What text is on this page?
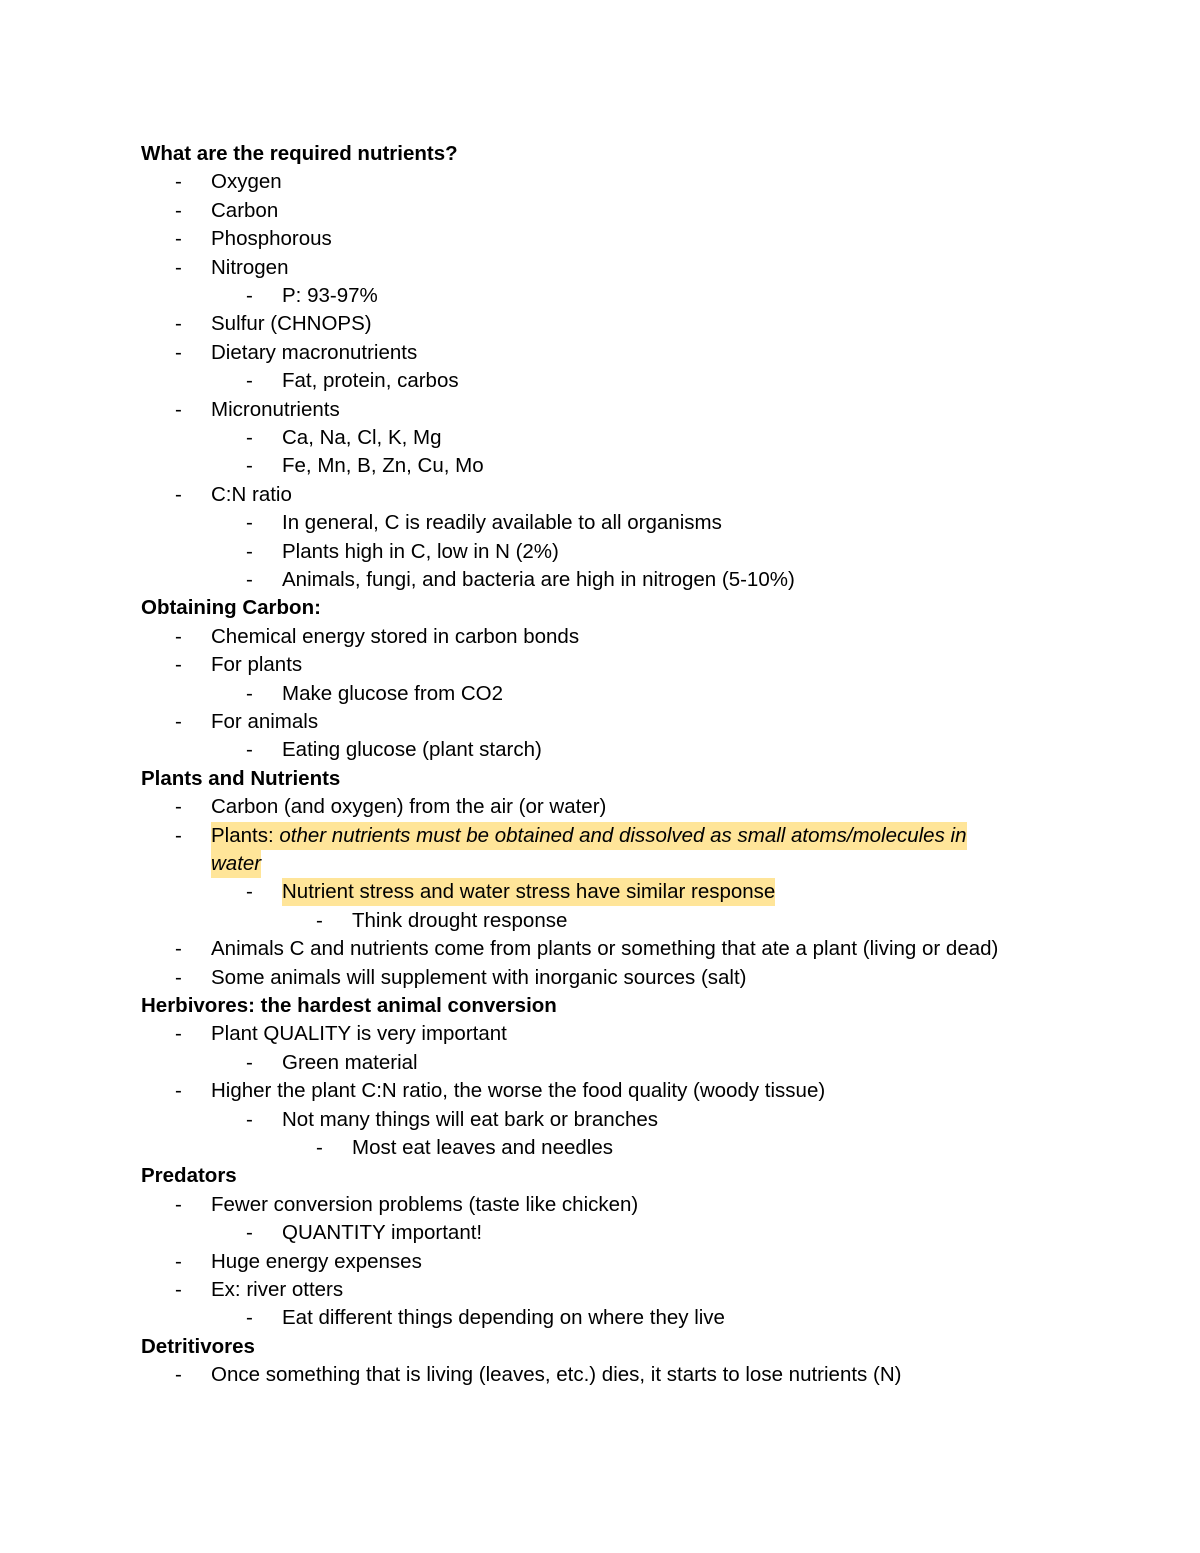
What are the required nutrients?
- Oxygen
- Carbon
- Phosphorous
- Nitrogen
- P: 93-97%
- Sulfur (CHNOPS)
- Dietary macronutrients
- Fat, protein, carbos
- Micronutrients
- Ca, Na, Cl, K, Mg
- Fe, Mn, B, Zn, Cu, Mo
- C:N ratio
- In general, C is readily available to all organisms
- Plants high in C, low in N (2%)
- Animals, fungi, and bacteria are high in nitrogen (5-10%)
Obtaining Carbon:
- Chemical energy stored in carbon bonds
- For plants
- Make glucose from CO2
- For animals
- Eating glucose (plant starch)
Plants and Nutrients
- Carbon (and oxygen) from the air (or water)
- Plants: other nutrients must be obtained and dissolved as small atoms/molecules in
water
- Nutrient stress and water stress have similar response
- Think drought response
- Animals C and nutrients come from plants or something that ate a plant (living or dead)
- Some animals will supplement with inorganic sources (salt)
Herbivores: the hardest animal conversion
- Plant QUALITY is very important
- Green material
- Higher the plant C:N ratio, the worse the food quality (woody tissue)
- Not many things will eat bark or branches
- Most eat leaves and needles
Predators
- Fewer conversion problems (taste like chicken)
- QUANTITY important!
- Huge energy expenses
- Ex: river otters
- Eat different things depending on where they live
Detritivores
- Once something that is living (leaves, etc.) dies, it starts to lose nutrients (N)
